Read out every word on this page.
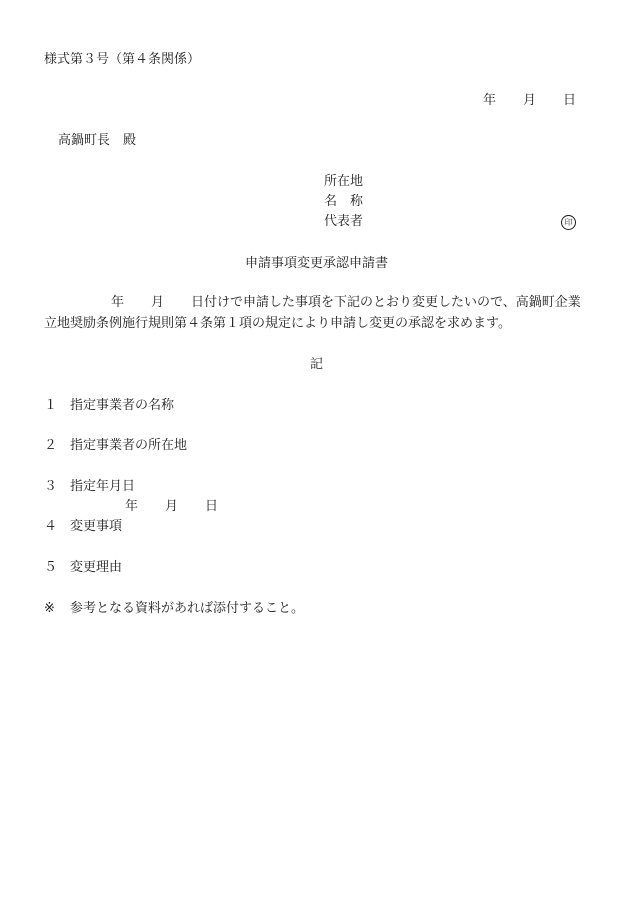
様式第３号（第４条関係）
年 月 日
高鍋町長　殿
所在地
名　称
代表者	印
申請事項変更承認申請書
年 月 日付けで申請した事項を下記のとおり変更したいので、高鍋町企業
立地奨励条例施行規則第４条第１項の規定により申請し変更の承認を求めます。
記
１ 指定事業者の名称
２ 指定事業者の所在地
３ 指定年月日
年 月 日
４ 変更事項
５ 変更理由
※ 参考となる資料があれば添付すること。
